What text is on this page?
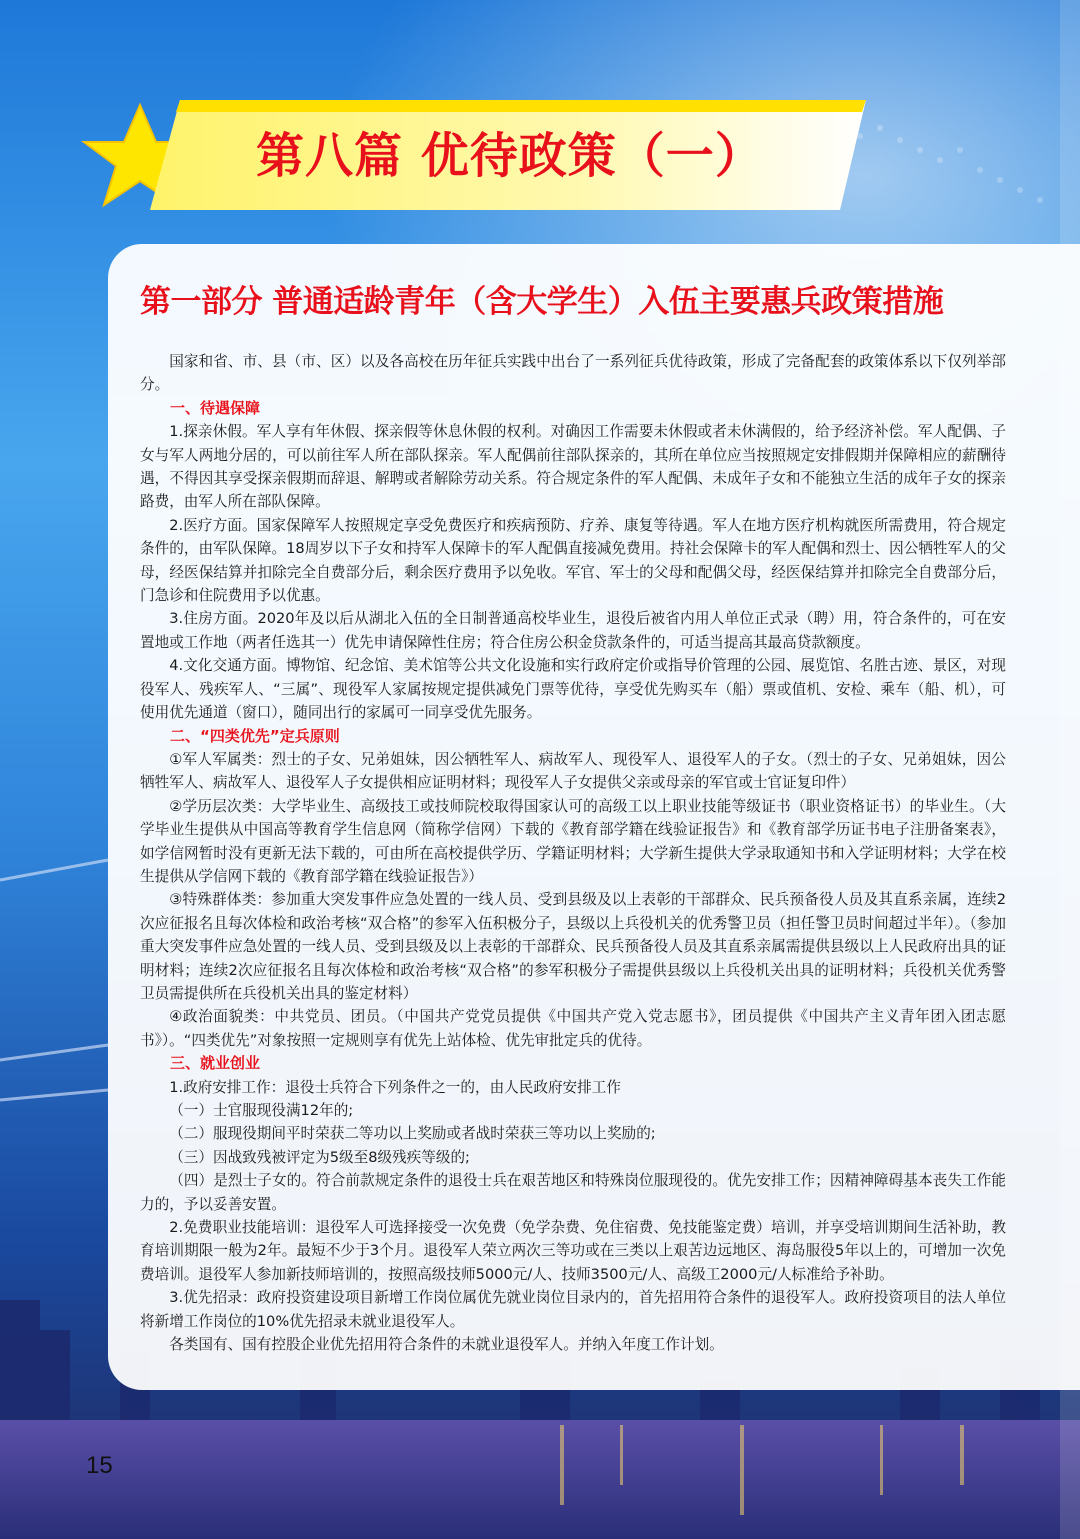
第八篇 优待政策（一）
第一部分 普通适龄青年（含大学生）入伍主要惠兵政策措施

国家和省、市、县（市、区）以及各高校在历年征兵实践中出台了一系列征兵优待政策，形成了完备配套的政策体系以下仅列举部分。

一、待遇保障

1.探亲休假。军人享有年休假、探亲假等休息休假的权利。对确因工作需要未休假或者未休满假的，给予经济补偿。军人配偶、子女与军人两地分居的，可以前往军人所在部队探亲。军人配偶前往部队探亲的，其所在单位应当按照规定安排假期并保障相应的薪酬待遇，不得因其享受探亲假期而辞退、解聘或者解除劳动关系。符合规定条件的军人配偶、未成年子女和不能独立生活的成年子女的探亲路费，由军人所在部队保障。

2.医疗方面。国家保障军人按照规定享受免费医疗和疾病预防、疗养、康复等待遇。军人在地方医疗机构就医所需费用，符合规定条件的，由军队保障。18周岁以下子女和持军人保障卡的军人配偶直接减免费用。持社会保障卡的军人配偶和烈士、因公牺牲军人的父母，经医保结算并扣除完全自费部分后，剩余医疗费用予以免收。军官、军士的父母和配偶父母，经医保结算并扣除完全自费部分后，门急诊和住院费用予以优惠。

3.住房方面。2020年及以后从湖北入伍的全日制普通高校毕业生，退役后被省内用人单位正式录（聘）用，符合条件的，可在安置地或工作地（两者任选其一）优先申请保障性住房；符合住房公积金贷款条件的，可适当提高其最高贷款额度。

4.文化交通方面。博物馆、纪念馆、美术馆等公共文化设施和实行政府定价或指导价管理的公园、展览馆、名胜古迹、景区，对现役军人、残疾军人、“三属”、现役军人家属按规定提供减免门票等优待，享受优先购买车（船）票或值机、安检、乘车（船、机），可使用优先通道（窗口），随同出行的家属可一同享受优先服务。

二、“四类优先”定兵原则

①军人军属类：烈士的子女、兄弟姐妹，因公牺牲军人、病故军人、现役军人、退役军人的子女。（烈士的子女、兄弟姐妹，因公牺牲军人、病故军人、退役军人子女提供相应证明材料；现役军人子女提供父亲或母亲的军官或士官证复印件）

②学历层次类：大学毕业生、高级技工或技师院校取得国家认可的高级工以上职业技能等级证书（职业资格证书）的毕业生。（大学毕业生提供从中国高等教育学生信息网（简称学信网）下载的《教育部学籍在线验证报告》和《教育部学历证书电子注册备案表》，如学信网暂时没有更新无法下载的，可由所在高校提供学历、学籍证明材料；大学新生提供大学录取通知书和入学证明材料；大学在校生提供从学信网下载的《教育部学籍在线验证报告》）

③特殊群体类：参加重大突发事件应急处置的一线人员、受到县级及以上表彰的干部群众、民兵预备役人员及其直系亲属，连续2次应征报名且每次体检和政治考核“双合格”的参军入伍积极分子，县级以上兵役机关的优秀警卫员（担任警卫员时间超过半年）。（参加重大突发事件应急处置的一线人员、受到县级及以上表彰的干部群众、民兵预备役人员及其直系亲属需提供县级以上人民政府出具的证明材料；连续2次应征报名且每次体检和政治考核“双合格”的参军积极分子需提供县级以上兵役机关出具的证明材料；兵役机关优秀警卫员需提供所在兵役机关出具的鉴定材料）

④政治面貌类：中共党员、团员。（中国共产党党员提供《中国共产党入党志愿书》，团员提供《中国共产主义青年团入团志愿书》）。“四类优先”对象按照一定规则享有优先上站体检、优先审批定兵的优待。

三、就业创业

1.政府安排工作：退役士兵符合下列条件之一的，由人民政府安排工作

（一）士官服现役满12年的;

（二）服现役期间平时荣获二等功以上奖励或者战时荣获三等功以上奖励的;

（三）因战致残被评定为5级至8级残疾等级的;

（四）是烈士子女的。符合前款规定条件的退役士兵在艰苦地区和特殊岗位服现役的。优先安排工作；因精神障碍基本丧失工作能力的，予以妥善安置。

2.免费职业技能培训：退役军人可选择接受一次免费（免学杂费、免住宿费、免技能鉴定费）培训，并享受培训期间生活补助，教育培训期限一般为2年。最短不少于3个月。退役军人荣立两次三等功或在三类以上艰苦边远地区、海岛服役5年以上的，可增加一次免费培训。退役军人参加新技师培训的，按照高级技师5000元/人、技师3500元/人、高级工2000元/人标准给予补助。

3.优先招录：政府投资建设项目新增工作岗位属优先就业岗位目录内的，首先招用符合条件的退役军人。政府投资项目的法人单位将新增工作岗位的10%优先招录未就业退役军人。

各类国有、国有控股企业优先招用符合条件的未就业退役军人。并纳入年度工作计划。

15
